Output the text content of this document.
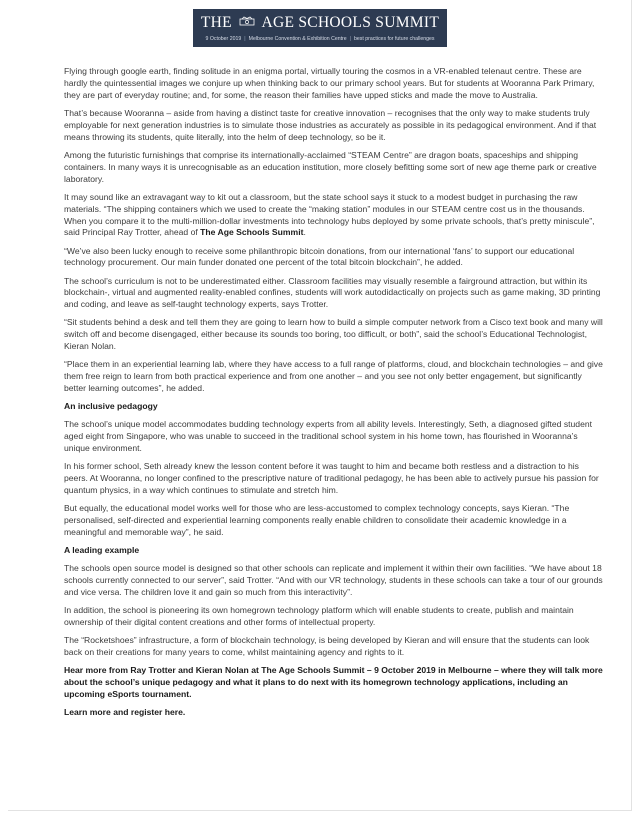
THE AGE SCHOOLS SUMMIT
9 October 2019 | Melbourne Convention & Exhibition Centre | best practices for future challenges

Flying through google earth, finding solitude in an enigma portal, virtually touring the cosmos in a VR-enabled telenaut centre. These are hardly the quintessential images we conjure up when thinking back to our primary school years. But for students at Wooranna Park Primary, they are part of everyday routine; and, for some, the reason their families have upped sticks and made the move to Australia.

That’s because Wooranna – aside from having a distinct taste for creative innovation – recognises that the only way to make students truly employable for next generation industries is to simulate those industries as accurately as possible in its pedagogical environment. And if that means throwing its students, quite literally, into the helm of deep technology, so be it.

Among the futuristic furnishings that comprise its internationally-acclaimed “STEAM Centre” are dragon boats, spaceships and shipping containers. In many ways it is unrecognisable as an education institution, more closely befitting some sort of new age theme park or creative laboratory.

It may sound like an extravagant way to kit out a classroom, but the state school says it stuck to a modest budget in purchasing the raw materials. “The shipping containers which we used to create the “making station” modules in our STEAM centre cost us in the thousands. When you compare it to the multi-million-dollar investments into technology hubs deployed by some private schools, that’s pretty miniscule”, said Principal Ray Trotter, ahead of The Age Schools Summit.

“We’ve also been lucky enough to receive some philanthropic bitcoin donations, from our international ‘fans’ to support our educational technology procurement. Our main funder donated one percent of the total bitcoin blockchain”, he added.

The school’s curriculum is not to be underestimated either. Classroom facilities may visually resemble a fairground attraction, but within its blockchain-, virtual and augmented reality-enabled confines, students will work autodidactically on projects such as game making, 3D printing and coding, and leave as self-taught technology experts, says Trotter.

“Sit students behind a desk and tell them they are going to learn how to build a simple computer network from a Cisco text book and many will switch off and become disengaged, either because its sounds too boring, too difficult, or both”, said the school’s Educational Technologist, Kieran Nolan.

“Place them in an experiential learning lab, where they have access to a full range of platforms, cloud, and blockchain technologies – and give them free reign to learn from both practical experience and from one another – and you see not only better engagement, but significantly better learning outcomes”, he added.

An inclusive pedagogy

The school’s unique model accommodates budding technology experts from all ability levels. Interestingly, Seth, a diagnosed gifted student aged eight from Singapore, who was unable to succeed in the traditional school system in his home town, has flourished in Wooranna’s unique environment.

In his former school, Seth already knew the lesson content before it was taught to him and became both restless and a distraction to his peers. At Wooranna, no longer confined to the prescriptive nature of traditional pedagogy, he has been able to actively pursue his passion for quantum physics, in a way which continues to stimulate and stretch him.

But equally, the educational model works well for those who are less-accustomed to complex technology concepts, says Kieran. “The personalised, self-directed and experiential learning components really enable children to consolidate their academic knowledge in a meaningful and memorable way”, he said.

A leading example

The schools open source model is designed so that other schools can replicate and implement it within their own facilities. “We have about 18 schools currently connected to our server”, said Trotter. “And with our VR technology, students in these schools can take a tour of our grounds and vice versa. The children love it and gain so much from this interactivity”.

In addition, the school is pioneering its own homegrown technology platform which will enable students to create, publish and maintain ownership of their digital content creations and other forms of intellectual property.

The “Rocketshoes” infrastructure, a form of blockchain technology, is being developed by Kieran and will ensure that the students can look back on their creations for many years to come, whilst maintaining agency and rights to it.

Hear more from Ray Trotter and Kieran Nolan at The Age Schools Summit – 9 October 2019 in Melbourne – where they will talk more about the school’s unique pedagogy and what it plans to do next with its homegrown technology applications, including an upcoming eSports tournament.

Learn more and register here.
